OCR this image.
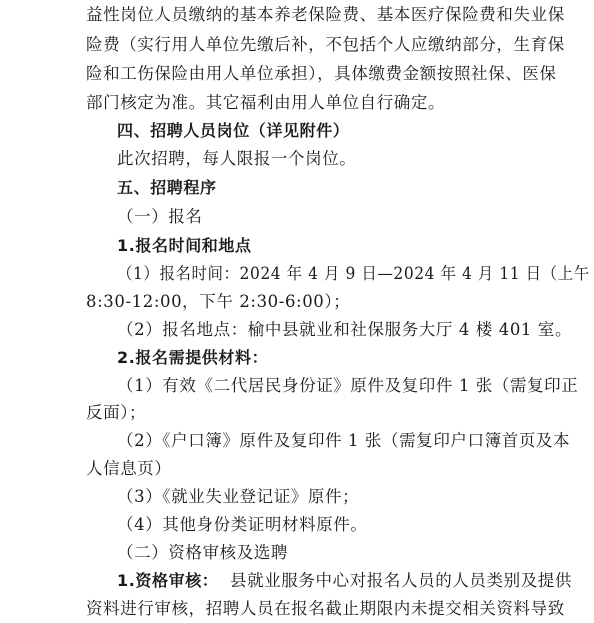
益性岗位人员缴纳的基本养老保险费、基本医疗保险费和失业保
险费（实行用人单位先缴后补，不包括个人应缴纳部分，生育保
险和工伤保险由用人单位承担），具体缴费金额按照社保、医保
部门核定为准。其它福利由用人单位自行确定。
四、招聘人员岗位（详见附件）
此次招聘，每人限报一个岗位。
五、招聘程序
（一）报名
1.报名时间和地点
（1）报名时间：2024 年 4 月 9 日—2024 年 4 月 11 日（上午
8:30-12:00，下午 2:30-6:00）；
（2）报名地点：榆中县就业和社保服务大厅 4 楼 401 室。
2.报名需提供材料：
（1）有效《二代居民身份证》原件及复印件 1 张（需复印正
反面）；
（2）《户口簿》原件及复印件 1 张（需复印户口簿首页及本
人信息页）
（3）《就业失业登记证》原件；
（4）其他身份类证明材料原件。
（二）资格审核及选聘
1.资格审核： 县就业服务中心对报名人员的人员类别及提供
资料进行审核，招聘人员在报名截止期限内未提交相关资料导致
